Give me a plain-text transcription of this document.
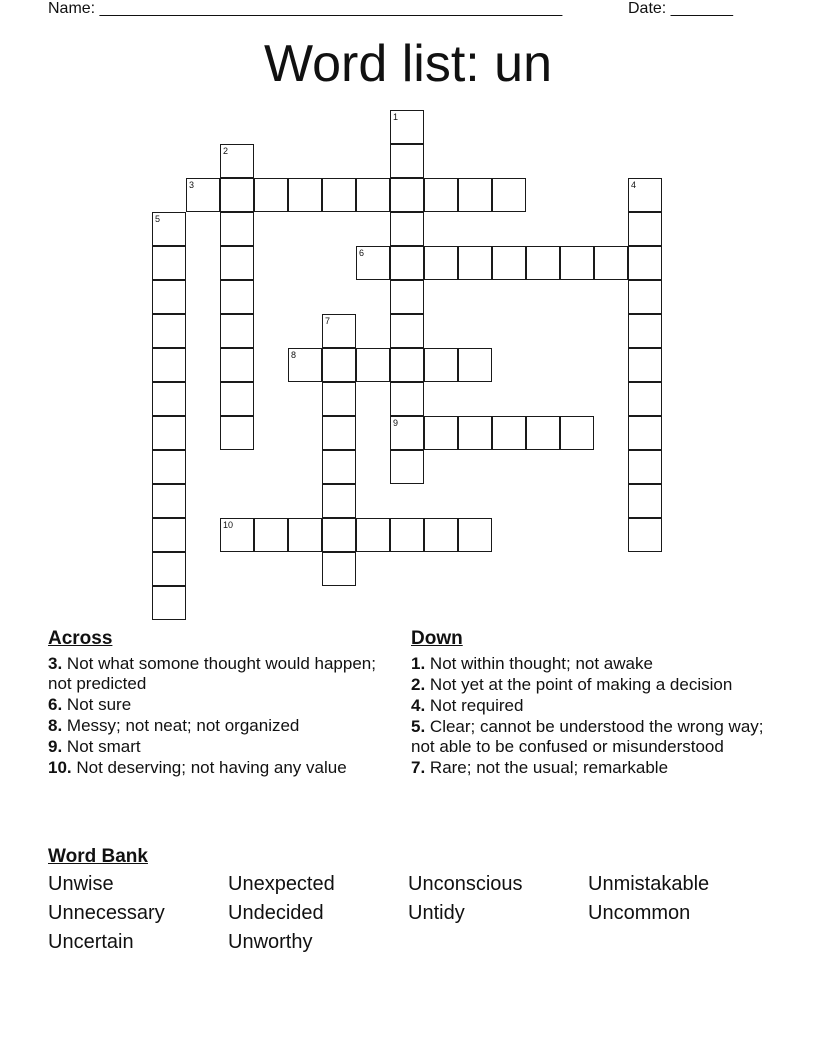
Name: ____________________________________________________	Date: _______
Word list: un
1
9
2
3	4
5
6
7
8
10
Across
3. Not what somone thought would happen; not predicted
6. Not sure
8. Messy; not neat; not organized
9. Not smart
10. Not deserving; not having any value
Down
1. Not within thought; not awake
2. Not yet at the point of making a decision
4. Not required
5. Clear; cannot be understood the wrong way; not able to be confused or misunderstood
7. Rare; not the usual; remarkable
Word Bank
Unwise	Unexpected	Unconscious	Unmistakable
Unnecessary	Undecided	Untidy	Uncommon
Uncertain	Unworthy
